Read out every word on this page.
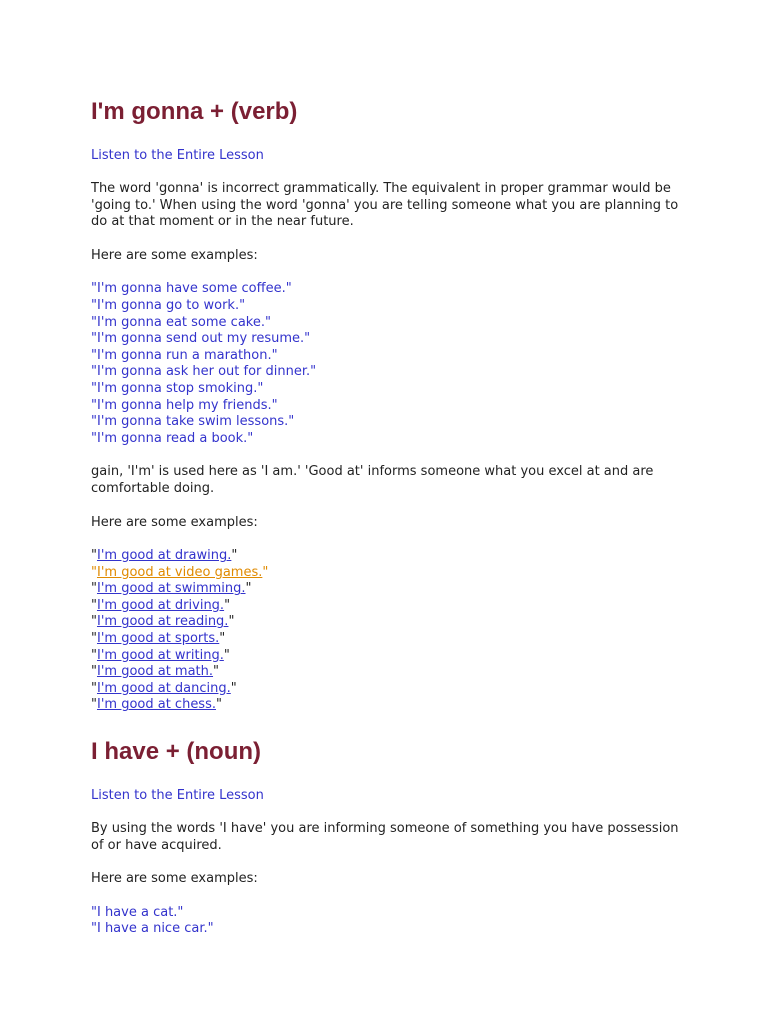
I'm gonna + (verb)
Listen to the Entire Lesson

The word 'gonna' is incorrect grammatically. The equivalent in proper grammar would be 'going to.' When using the word 'gonna' you are telling someone what you are planning to do at that moment or in the near future.

Here are some examples:

"I'm gonna have some coffee."
"I'm gonna go to work."
"I'm gonna eat some cake."
"I'm gonna send out my resume."
"I'm gonna run a marathon."
"I'm gonna ask her out for dinner."
"I'm gonna stop smoking."
"I'm gonna help my friends."
"I'm gonna take swim lessons."
"I'm gonna read a book."

gain, 'I'm' is used here as 'I am.' 'Good at' informs someone what you excel at and are comfortable doing.

Here are some examples:

"I'm good at drawing."
"I'm good at video games."
"I'm good at swimming."
"I'm good at driving."
"I'm good at reading."
"I'm good at sports."
"I'm good at writing."
"I'm good at math."
"I'm good at dancing."
"I'm good at chess."
I have + (noun)
Listen to the Entire Lesson

By using the words 'I have' you are informing someone of something you have possession of or have acquired.

Here are some examples:

"I have a cat."
"I have a nice car."
